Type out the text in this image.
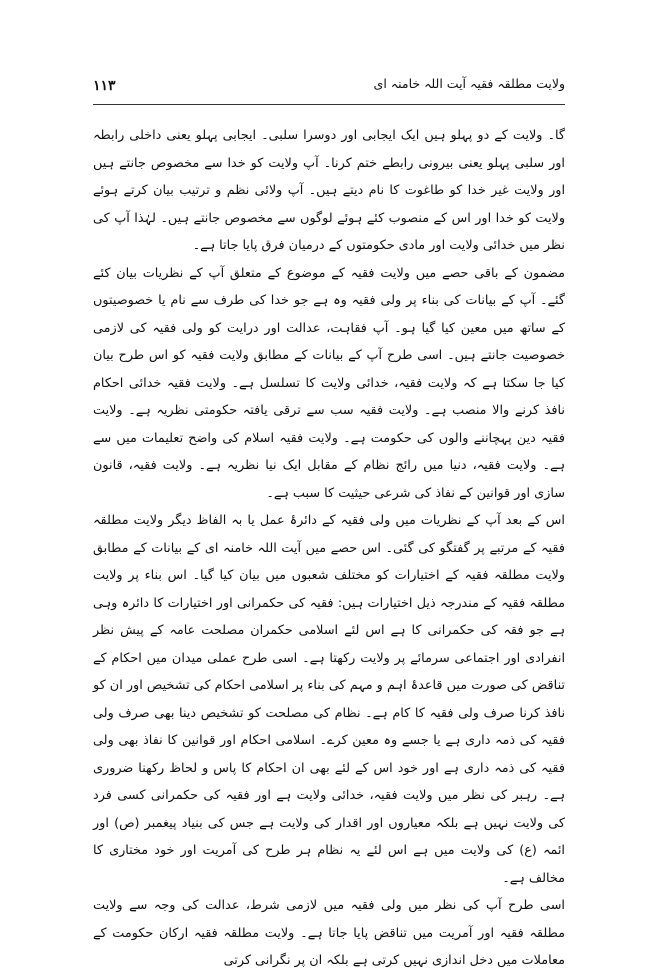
۱۱۳	ولایت مطلقہ فقیہ آیت اللہ خامنہ ای

گا۔ ولایت کے دو پہلو ہیں ایک ایجابی اور دوسرا سلبی۔ ایجابی پہلو یعنی داخلی رابطہ اور سلبی پہلو یعنی بیرونی رابطے ختم کرنا۔ آپ ولایت کو خدا سے مخصوص جانتے ہیں اور ولایت غیر خدا کو طاغوت کا نام دیتے ہیں۔ آپ ولائی نظم و ترتیب بیان کرتے ہوئے ولایت کو خدا اور اس کے منصوب کئے ہوئے لوگوں سے مخصوص جانتے ہیں۔ لہٰذا آپ کی نظر میں خدائی ولایت اور مادی حکومتوں کے درمیان فرق پایا جاتا ہے۔

مضمون کے باقی حصے میں ولایت فقیہ کے موضوع کے متعلق آپ کے نظریات بیان کئے گئے۔ آپ کے بیانات کی بناء پر ولی فقیہ وہ ہے جو خدا کی طرف سے نام یا خصوصیتوں کے ساتھ میں معین کیا گیا ہو۔ آپ فقاہت، عدالت اور درایت کو ولی فقیہ کی لازمی خصوصیت جانتے ہیں۔ اسی طرح آپ کے بیانات کے مطابق ولایت فقیہ کو اس طرح بیان کیا جا سکتا ہے کہ ولایت فقیہ، خدائی ولایت کا تسلسل ہے۔ ولایت فقیہ خدائی احکام نافذ کرنے والا منصب ہے۔ ولایت فقیہ سب سے ترقی یافتہ حکومتی نظریہ ہے۔ ولایت فقیہ دین پہچاننے والوں کی حکومت ہے۔ ولایت فقیہ اسلام کی واضح تعلیمات میں سے ہے۔ ولایت فقیہ، دنیا میں رائج نظام کے مقابل ایک نیا نظریہ ہے۔ ولایت فقیہ، قانون سازی اور قوانین کے نفاذ کی شرعی حیثیت کا سبب ہے۔

اس کے بعد آپ کے نظریات میں ولی فقیہ کے دائرۂ عمل یا بہ الفاظ دیگر ولایت مطلقہ فقیہ کے مرتبے پر گفتگو کی گئی۔ اس حصے میں آیت اللہ خامنہ ای کے بیانات کے مطابق ولایت مطلقہ فقیہ کے اختیارات کو مختلف شعبوں میں بیان کیا گیا۔ اس بناء پر ولایت مطلقہ فقیہ کے مندرجہ ذیل اختیارات ہیں: فقیہ کی حکمرانی اور اختیارات کا دائرہ وہی ہے جو فقہ کی حکمرانی کا ہے اس لئے اسلامی حکمران مصلحت عامہ کے پیش نظر انفرادی اور اجتماعی سرمائے پر ولایت رکھتا ہے۔ اسی طرح عملی میدان میں احکام کے تناقض کی صورت میں قاعدۂ اہم و مہم کی بناء پر اسلامی احکام کی تشخیص اور ان کو نافذ کرنا صرف ولی فقیہ کا کام ہے۔ نظام کی مصلحت کو تشخیص دینا بھی صرف ولی فقیہ کی ذمہ داری ہے یا جسے وہ معین کرے۔ اسلامی احکام اور قوانین کا نفاذ بھی ولی فقیہ کی ذمہ داری ہے اور خود اس کے لئے بھی ان احکام کا پاس و لحاظ رکھنا ضروری ہے۔ رہبر کی نظر میں ولایت فقیہ، خدائی ولایت ہے اور فقیہ کی حکمرانی کسی فرد کی ولایت نہیں ہے بلکہ معیاروں اور اقدار کی ولایت ہے جس کی بنیاد پیغمبر (ص) اور ائمہ (ع) کی ولایت میں ہے اس لئے یہ نظام ہر طرح کی آمریت اور خود مختاری کا مخالف ہے۔

اسی طرح آپ کی نظر میں ولی فقیہ میں لازمی شرط، عدالت کی وجہ سے ولایت مطلقہ فقیہ اور آمریت میں تناقض پایا جاتا ہے۔ ولایت مطلقہ فقیہ ارکان حکومت کے معاملات میں دخل اندازی نہیں کرتی ہے بلکہ ان پر نگرانی کرتی
